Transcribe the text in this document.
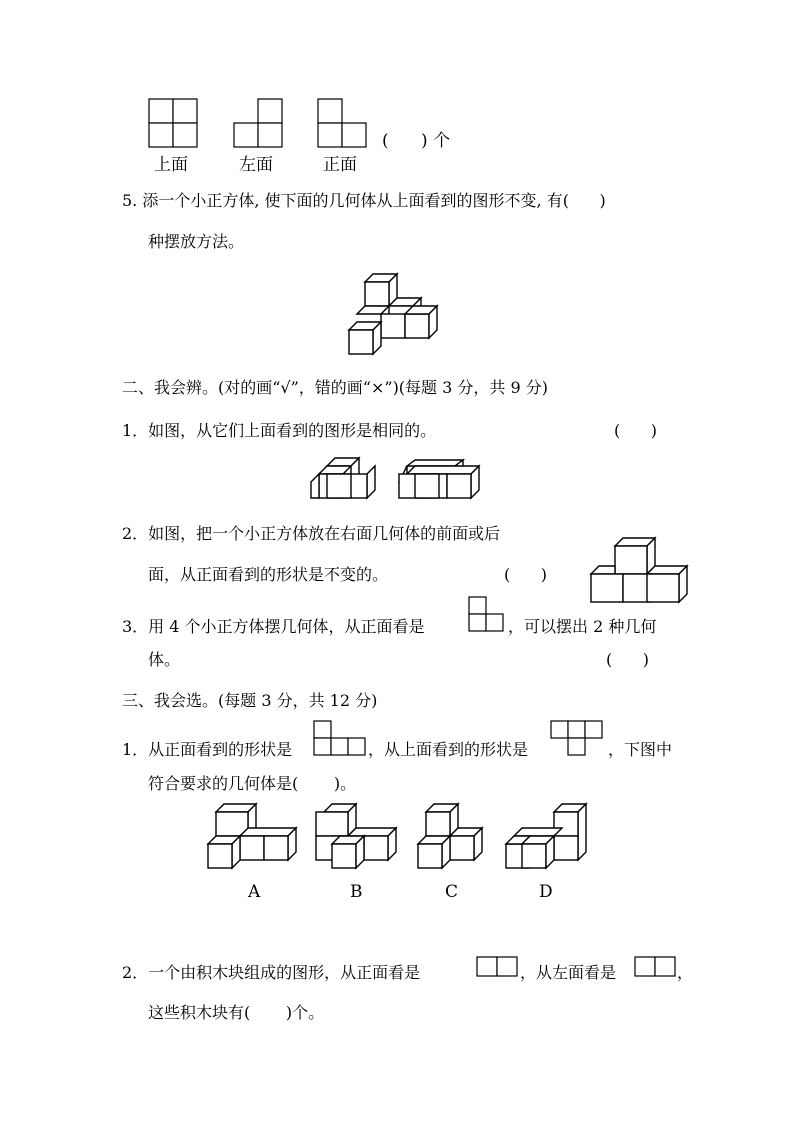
上面	左面	正面
(      ) 个
5. 添一个小正方体, 使下面的几何体从上面看到的图形不变, 有(      )
种摆放方法。
二、我会辨。(对的画“√”，错的画“×”)(每题 3 分，共 9 分)
1．如图，从它们上面看到的图形是相同的。	(      )
2．如图，把一个小正方体放在右面几何体的前面或后
面，从正面看到的形状是不变的。	(      )
3．用 4 个小正方体摆几何体，从正面看是	，可以摆出 2 种几何
体。	(      )
三、我会选。(每题 3 分，共 12 分)
1．从正面看到的形状是	，从上面看到的形状是	，下图中
符合要求的几何体是(       )。
A	B	C	D
2．一个由积木块组成的图形，从正面看是	，从左面看是	，
这些积木块有(       )个。
